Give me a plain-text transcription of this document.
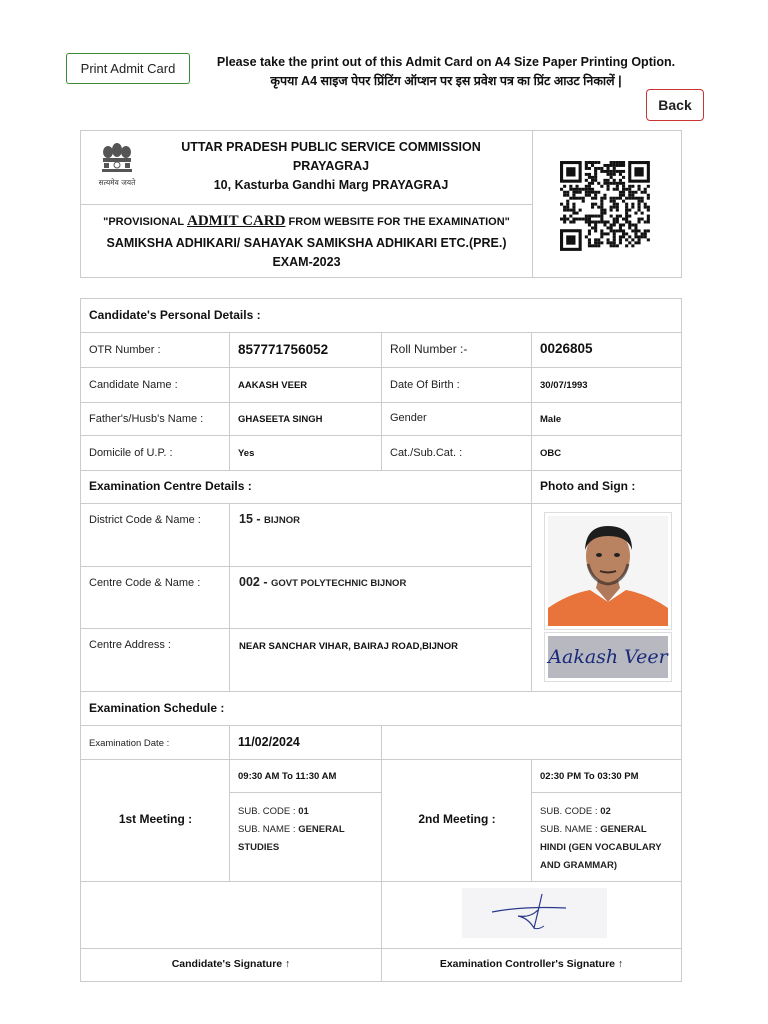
Print Admit Card	Please take the print out of this Admit Card on A4 Size Paper Printing Option.
कृपया A4 साइज पेपर प्रिंटिंग ऑप्शन पर इस प्रवेश पत्र का प्रिंट आउट निकालें |
Back
सत्यमेव जयते
UTTAR PRADESH PUBLIC SERVICE COMMISSION
PRAYAGRAJ
10, Kasturba Gandhi Marg PRAYAGRAJ
"PROVISIONAL ADMIT CARD FROM WEBSITE FOR THE EXAMINATION"
SAMIKSHA ADHIKARI/ SAHAYAK SAMIKSHA ADHIKARI ETC.(PRE.)
EXAM-2023
Candidate's Personal Details :
OTR Number :	857771756052	Roll Number :-	0026805
Candidate Name :	AAKASH VEER	Date Of Birth :	30/07/1993
Father's/Husb's Name :	GHASEETA SINGH	Gender	Male
Domicile of U.P. :	Yes	Cat./Sub.Cat. :	OBC
Examination Centre Details :	Photo and Sign :
District Code & Name :	15 - BIJNOR
Centre Code & Name :	002 - GOVT POLYTECHNIC BIJNOR
Centre Address :	NEAR SANCHAR VIHAR, BAIRAJ ROAD,BIJNOR	Aakash Veer
Examination Schedule :
Examination Date :	11/02/2024
1st Meeting :
09:30 AM To 11:30 AM
SUB. CODE : 01
SUB. NAME : GENERAL
STUDIES
2nd Meeting :
02:30 PM To 03:30 PM
SUB. CODE : 02
SUB. NAME : GENERAL
HINDI (GEN VOCABULARY
AND GRAMMAR)
Candidate's Signature ↑	Examination Controller's Signature ↑
